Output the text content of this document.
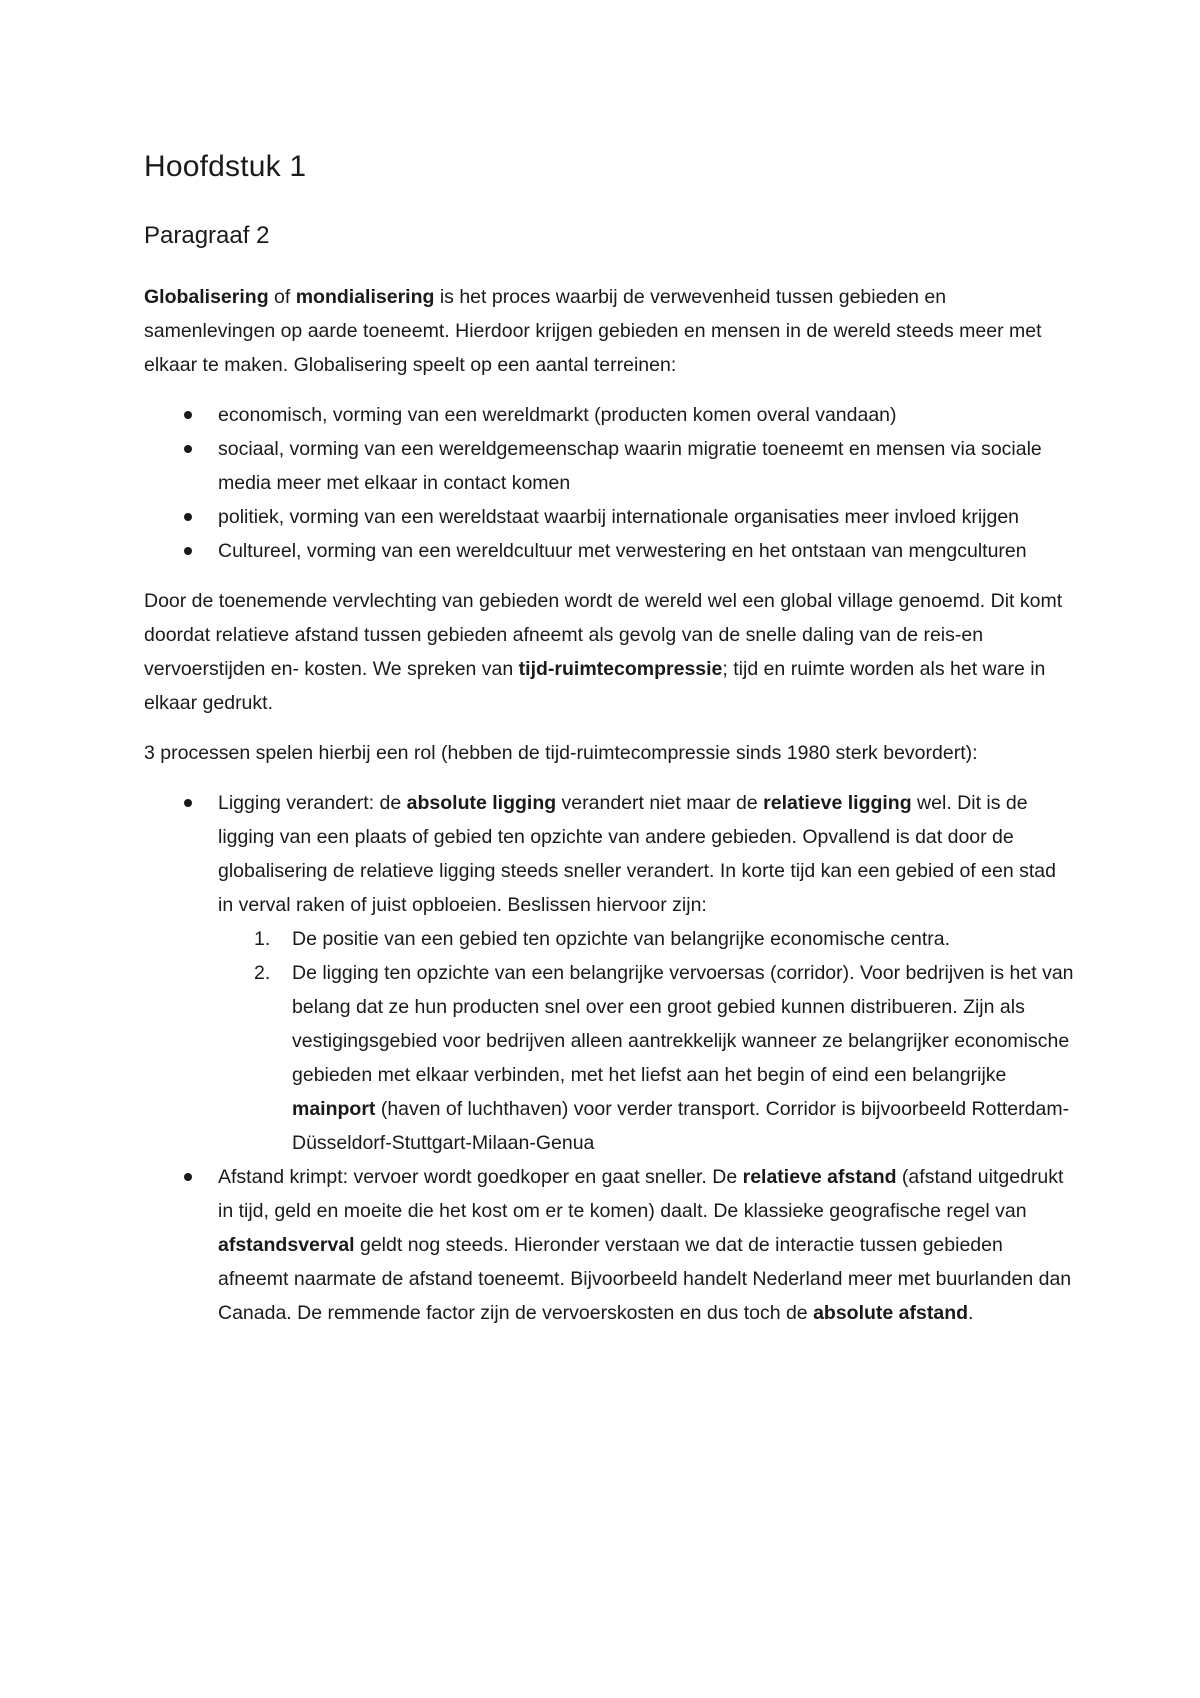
Hoofdstuk 1
Paragraaf 2

Globalisering of mondialisering is het proces waarbij de verwevenheid tussen gebieden en samenlevingen op aarde toeneemt. Hierdoor krijgen gebieden en mensen in de wereld steeds meer met elkaar te maken. Globalisering speelt op een aantal terreinen:

economisch, vorming van een wereldmarkt (producten komen overal vandaan)
sociaal, vorming van een wereldgemeenschap waarin migratie toeneemt en mensen via sociale media meer met elkaar in contact komen
politiek, vorming van een wereldstaat waarbij internationale organisaties meer invloed krijgen
Cultureel, vorming van een wereldcultuur met verwestering en het ontstaan van mengculturen

Door de toenemende vervlechting van gebieden wordt de wereld wel een global village genoemd. Dit komt doordat relatieve afstand tussen gebieden afneemt als gevolg van de snelle daling van de reis-en vervoerstijden en- kosten. We spreken van tijd-ruimtecompressie; tijd en ruimte worden als het ware in elkaar gedrukt.

3 processen spelen hierbij een rol (hebben de tijd-ruimtecompressie sinds 1980 sterk bevordert):

Ligging verandert: de absolute ligging verandert niet maar de relatieve ligging wel. Dit is de ligging van een plaats of gebied ten opzichte van andere gebieden. Opvallend is dat door de globalisering de relatieve ligging steeds sneller verandert. In korte tijd kan een gebied of een stad in verval raken of juist opbloeien. Beslissen hiervoor zijn:
1. De positie van een gebied ten opzichte van belangrijke economische centra.
2. De ligging ten opzichte van een belangrijke vervoersas (corridor). Voor bedrijven is het van belang dat ze hun producten snel over een groot gebied kunnen distribueren. Zijn als vestigingsgebied voor bedrijven alleen aantrekkelijk wanneer ze belangrijker economische gebieden met elkaar verbinden, met het liefst aan het begin of eind een belangrijke mainport (haven of luchthaven) voor verder transport. Corridor is bijvoorbeeld Rotterdam-Düsseldorf-Stuttgart-Milaan-Genua
Afstand krimpt: vervoer wordt goedkoper en gaat sneller. De relatieve afstand (afstand uitgedrukt in tijd, geld en moeite die het kost om er te komen) daalt. De klassieke geografische regel van afstandsverval geldt nog steeds. Hieronder verstaan we dat de interactie tussen gebieden afneemt naarmate de afstand toeneemt. Bijvoorbeeld handelt Nederland meer met buurlanden dan Canada. De remmende factor zijn de vervoerskosten en dus toch de absolute afstand.
